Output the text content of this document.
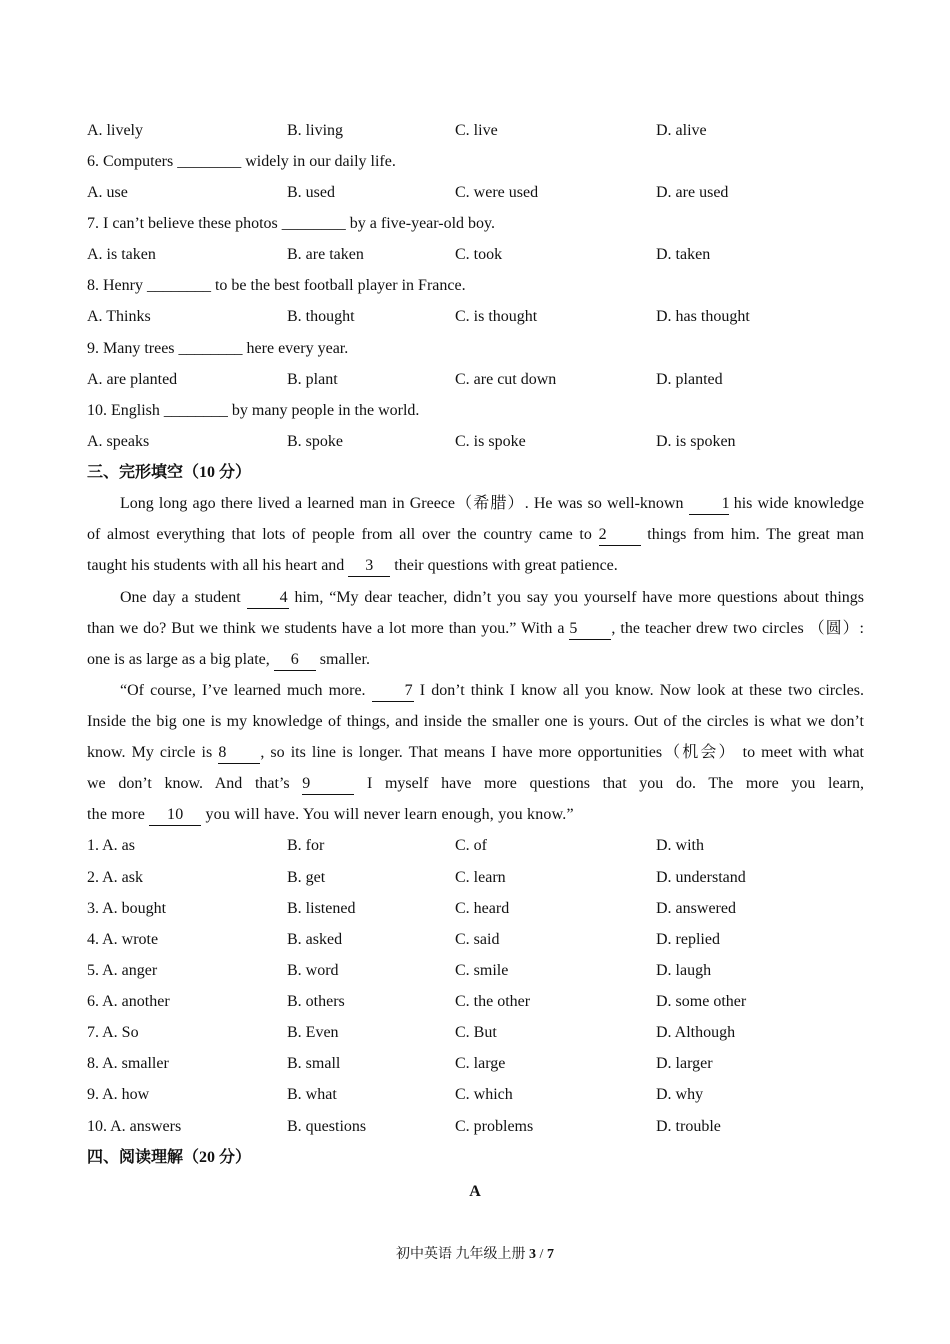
A. lively	B. living	C. live	D. alive
6. Computers ________ widely in our daily life.
A. use	B. used	C. were used	D. are used
7. I can’t believe these photos ________ by a five-year-old boy.
A. is taken	B. are taken	C. took	D. taken
8. Henry ________ to be the best football player in France.
A. Thinks	B. thought	C. is thought	D. has thought
9. Many trees ________ here every year.
A. are planted	B. plant	C. are cut down	D. planted
10. English ________ by many people in the world.
A. speaks	B. spoke	C. is spoke	D. is spoken
三、完形填空（10 分）
Long long ago there lived a learned man in Greece（希腊）. He was so well-known 1 his wide knowledge
of almost everything that lots of people from all over the country came to 2	things from him. The great man
taught his students with all his heart and 3 their questions with great patience.
One day a student 4 him, “My dear teacher, didn’t you say you yourself have more questions about things
than we do? But we think we students have a lot more than you.” With a 5 , the teacher drew two circles （圆）:
one is as large as a big plate, 6 smaller.
“Of course, I’ve learned much more. 7 I don’t think I know all you know. Now look at these two circles.
Inside the big one is my knowledge of things, and inside the smaller one is yours. Out of the circles is what we don’t
know. My circle is 8 , so its line is longer. That means I have more opportunities（机会） to meet with what
we don’t know. And that’s 9	I myself have more questions that you do. The more you learn,
the more 10 you will have. You will never learn enough, you know.”
1. A. as	B. for	C. of	D. with
2. A. ask	B. get	C. learn	D. understand
3. A. bought	B. listened	C. heard	D. answered
4. A. wrote	B. asked	C. said	D. replied
5. A. anger	B. word	C. smile	D. laugh
6. A. another	B. others	C. the other	D. some other
7. A. So	B. Even	C. But	D. Although
8. A. smaller	B. small	C. large	D. larger
9. A. how	B. what	C. which	D. why
10. A. answers	B. questions	C. problems	D. trouble
四、阅读理解（20 分）
A
初中英语 九年级上册 3 / 7
